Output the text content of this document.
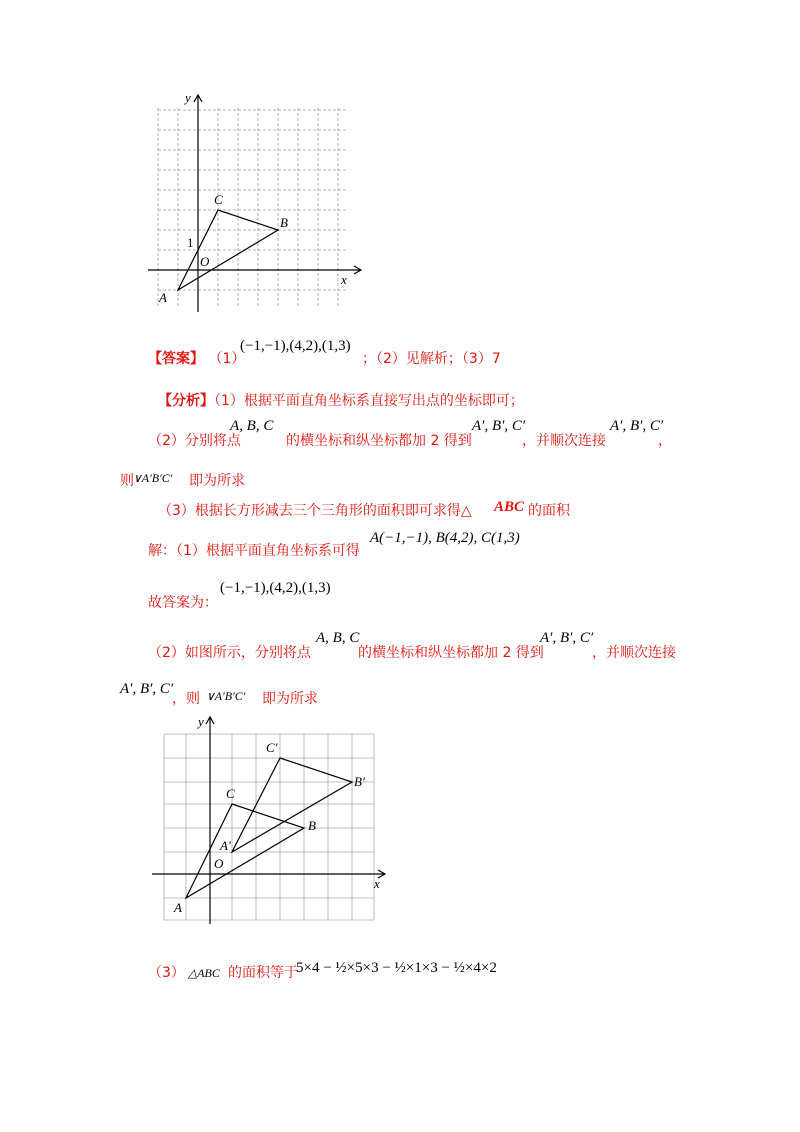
x
y
C
B
1
O
A
【答案】 （1）
(−1,−1),(4,2),(1,3)
；（2）见解析；（3）7
【分析】（1）根据平面直角坐标系直接写出点的坐标即可；
（2）分别将点
A, B, C
的横坐标和纵坐标都加 2 得到
A′, B′, C′
，并顺次连接
A′, B′, C′
，
则 ∨A′B′C′ 即为所求
（3）根据长方形减去三个三角形的面积即可求得△ ABC 的面积
解：（1）根据平面直角坐标系可得
A(−1,−1), B(4,2), C(1,3)
故答案为：
(−1,−1),(4,2),(1,3)
（2）如图所示，分别将点
A, B, C
的横坐标和纵坐标都加 2 得到
A′, B′, C′
，并顺次连接
A′, B′, C′
，则 ∨A′B′C′ 即为所求
x
y
C′
B′
C
B
A′
O
A
（3） △ABC 的面积等于
5×4 − ½×5×3 − ½×1×3 − ½×4×2
